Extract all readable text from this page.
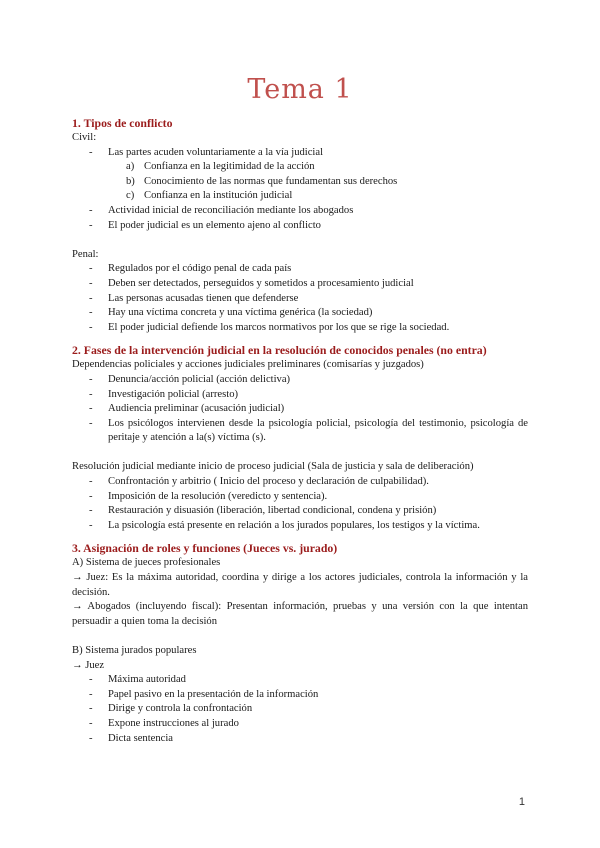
Tema 1
1. Tipos de conflicto
Civil:
- Las partes acuden voluntariamente a la vía judicial
a) Confianza en la legitimidad de la acción
b) Conocimiento de las normas que fundamentan sus derechos
c) Confianza en la institución judicial
- Actividad inicial de reconciliación mediante los abogados
- El poder judicial es un elemento ajeno al conflicto
Penal:
- Regulados por el código penal de cada país
- Deben ser detectados, perseguidos y sometidos a procesamiento judicial
- Las personas acusadas tienen que defenderse
- Hay una víctima concreta y una víctima genérica (la sociedad)
- El poder judicial defiende los marcos normativos por los que se rige la sociedad.
2. Fases de la intervención judicial en la resolución de conocidos penales (no entra)
Dependencias policiales y acciones judiciales preliminares (comisarías y juzgados)
- Denuncia/acción policial (acción delictiva)
- Investigación policial (arresto)
- Audiencia preliminar (acusación judicial)
- Los psicólogos intervienen desde la psicología policial, psicología del testimonio, psicología de peritaje y atención a la(s) víctima (s).
Resolución judicial mediante inicio de proceso judicial (Sala de justicia y sala de deliberación)
- Confrontación y arbitrio ( Inicio del proceso y declaración de culpabilidad).
- Imposición de la resolución (veredicto y sentencia).
- Restauración y disuasión (liberación, libertad condicional, condena y prisión)
- La psicología está presente en relación a los jurados populares, los testigos y la víctima.
3. Asignación de roles y funciones (Jueces vs. jurado)
A) Sistema de jueces profesionales
→ Juez: Es la máxima autoridad, coordina y dirige a los actores judiciales, controla la información y la decisión.
→ Abogados (incluyendo fiscal): Presentan información, pruebas y una versión con la que intentan persuadir a quien toma la decisión
B) Sistema jurados populares
→ Juez
- Máxima autoridad
- Papel pasivo en la presentación de la información
- Dirige y controla la confrontación
- Expone instrucciones al jurado
- Dicta sentencia
1
